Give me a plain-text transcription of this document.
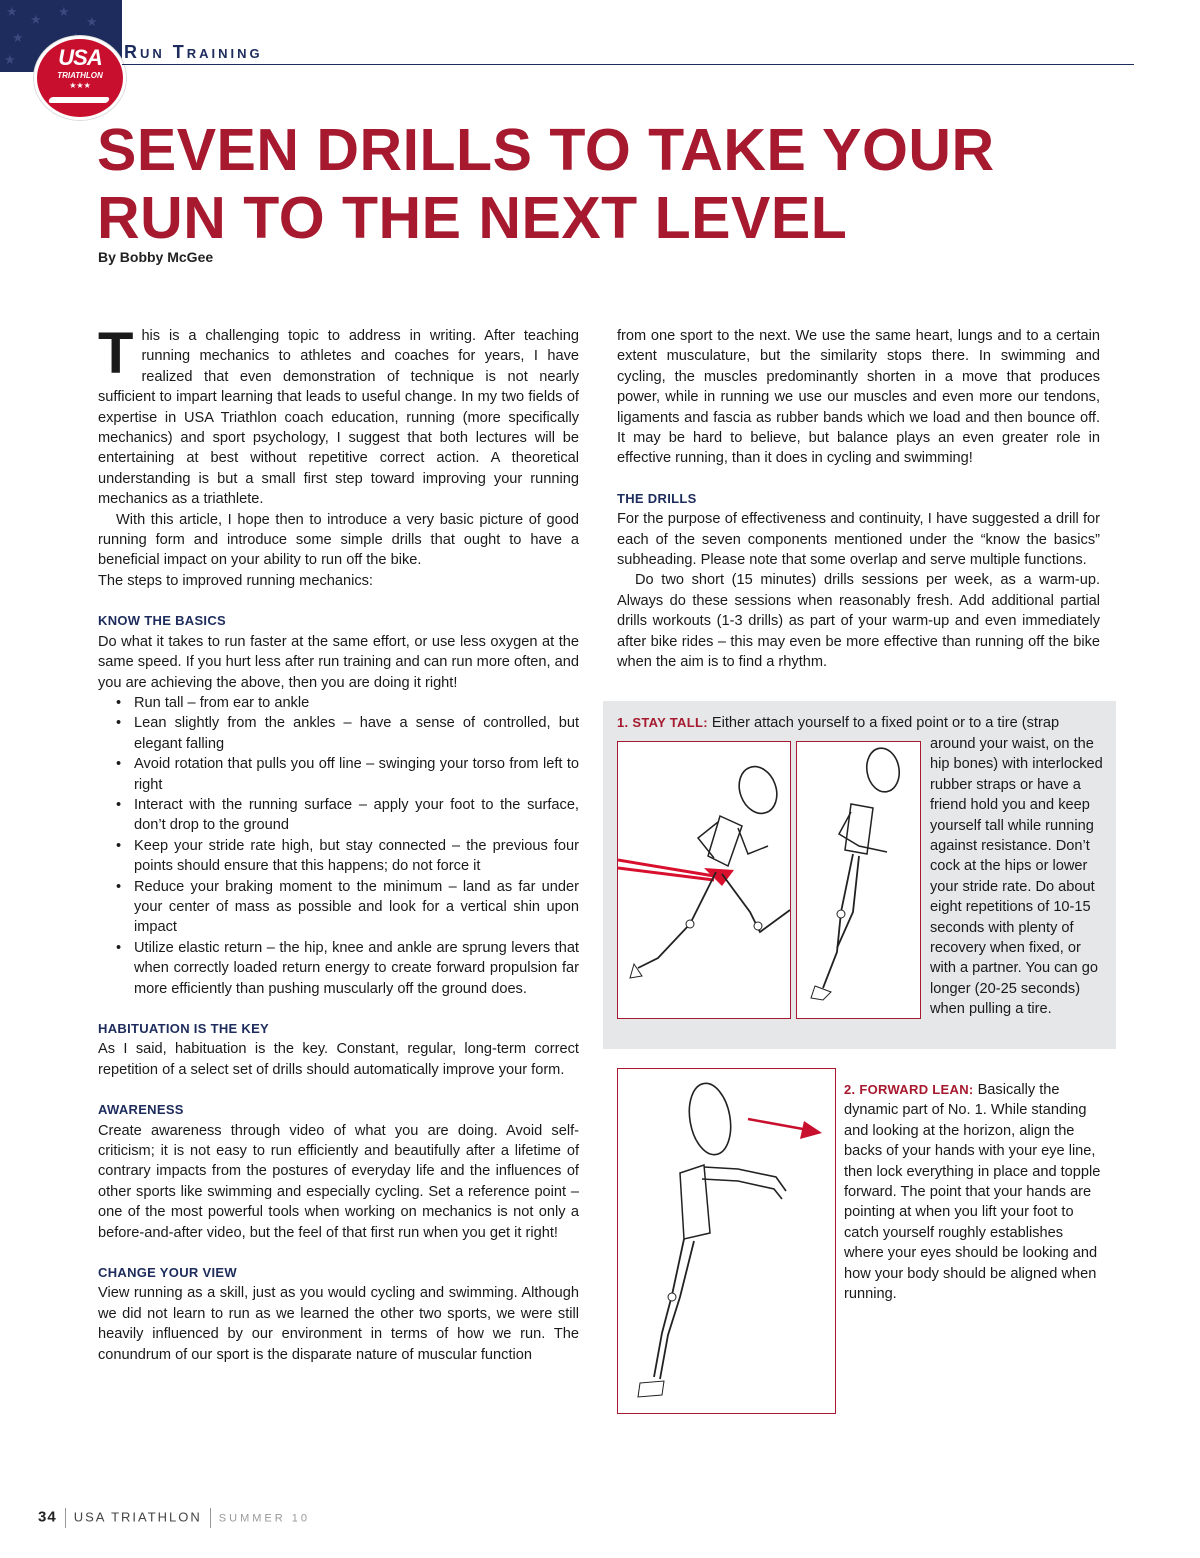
★
★
★
★
★
★	USA
TRIATHLON
★★★
Run Training
SEVEN DRILLS TO TAKE YOUR
RUN TO THE NEXT LEVEL
By Bobby McGee

This is a challenging topic to address in writing. After teaching running mechanics to athletes and coaches for years, I have realized that even demonstration of technique is not nearly sufficient to impart learning that leads to useful change. In my two fields of expertise in USA Triathlon coach education, running (more specifically mechanics) and sport psychology, I suggest that both lectures will be entertaining at best without repetitive correct action. A theoretical understanding is but a small first step toward improving your running mechanics as a triathlete.

With this article, I hope then to introduce a very basic picture of good running form and introduce some simple drills that ought to have a beneficial impact on your ability to run off the bike.

The steps to improved running mechanics:

KNOW THE BASICS

Do what it takes to run faster at the same effort, or use less oxygen at the same speed. If you hurt less after run training and can run more often, and you are achieving the above, then you are doing it right!

• Run tall – from ear to ankle
• Lean slightly from the ankles – have a sense of controlled, but elegant falling
• Avoid rotation that pulls you off line – swinging your torso from left to right
• Interact with the running surface – apply your foot to the surface, don’t drop to the ground
• Keep your stride rate high, but stay connected – the previous four points should ensure that this happens; do not force it
• Reduce your braking moment to the minimum – land as far under your center of mass as possible and look for a vertical shin upon impact
• Utilize elastic return – the hip, knee and ankle are sprung levers that when correctly loaded return energy to create forward propulsion far more efficiently than pushing muscularly off the ground does.

HABITUATION IS THE KEY

As I said, habituation is the key. Constant, regular, long-term correct repetition of a select set of drills should automatically improve your form.

AWARENESS

Create awareness through video of what you are doing. Avoid self-criticism; it is not easy to run efficiently and beautifully after a lifetime of contrary impacts from the postures of everyday life and the influences of other sports like swimming and especially cycling. Set a reference point – one of the most powerful tools when working on mechanics is not only a before-and-after video, but the feel of that first run when you get it right!

CHANGE YOUR VIEW

View running as a skill, just as you would cycling and swimming. Although we did not learn to run as we learned the other two sports, we were still heavily influenced by our environment in terms of how we run. The conundrum of our sport is the disparate nature of muscular function

from one sport to the next. We use the same heart, lungs and to a certain extent musculature, but the similarity stops there. In swimming and cycling, the muscles predominantly shorten in a move that produces power, while in running we use our muscles and even more our tendons, ligaments and fascia as rubber bands which we load and then bounce off. It may be hard to believe, but balance plays an even greater role in effective running, than it does in cycling and swimming!

THE DRILLS

For the purpose of effectiveness and continuity, I have suggested a drill for each of the seven components mentioned under the “know the basics” subheading. Please note that some overlap and serve multiple functions.

Do two short (15 minutes) drills sessions per week, as a warm-up. Always do these sessions when reasonably fresh. Add additional partial drills workouts (1-3 drills) as part of your warm-up and even immediately after bike rides – this may even be more effective than running off the bike when the aim is to find a rhythm.

1. STAY TALL: Either attach yourself to a fixed point or to a tire (strap
around your waist, on the hip bones) with interlocked rubber straps or have a friend hold you and keep yourself tall while running against resistance. Don’t cock at the hips or lower your stride rate. Do about eight repetitions of 10-15 seconds with plenty of recovery when fixed, or with a partner. You can go longer (20-25 seconds) when pulling a tire.
2. FORWARD LEAN: Basically the dynamic part of No. 1. While standing and looking at the horizon, align the backs of your hands with your eye line, then lock everything in place and topple forward. The point that your hands are pointing at when you lift your foot to catch yourself roughly establishes where your eyes should be looking and how your body should be aligned when running.
34 USA TRIATHLON SUMMER 10
